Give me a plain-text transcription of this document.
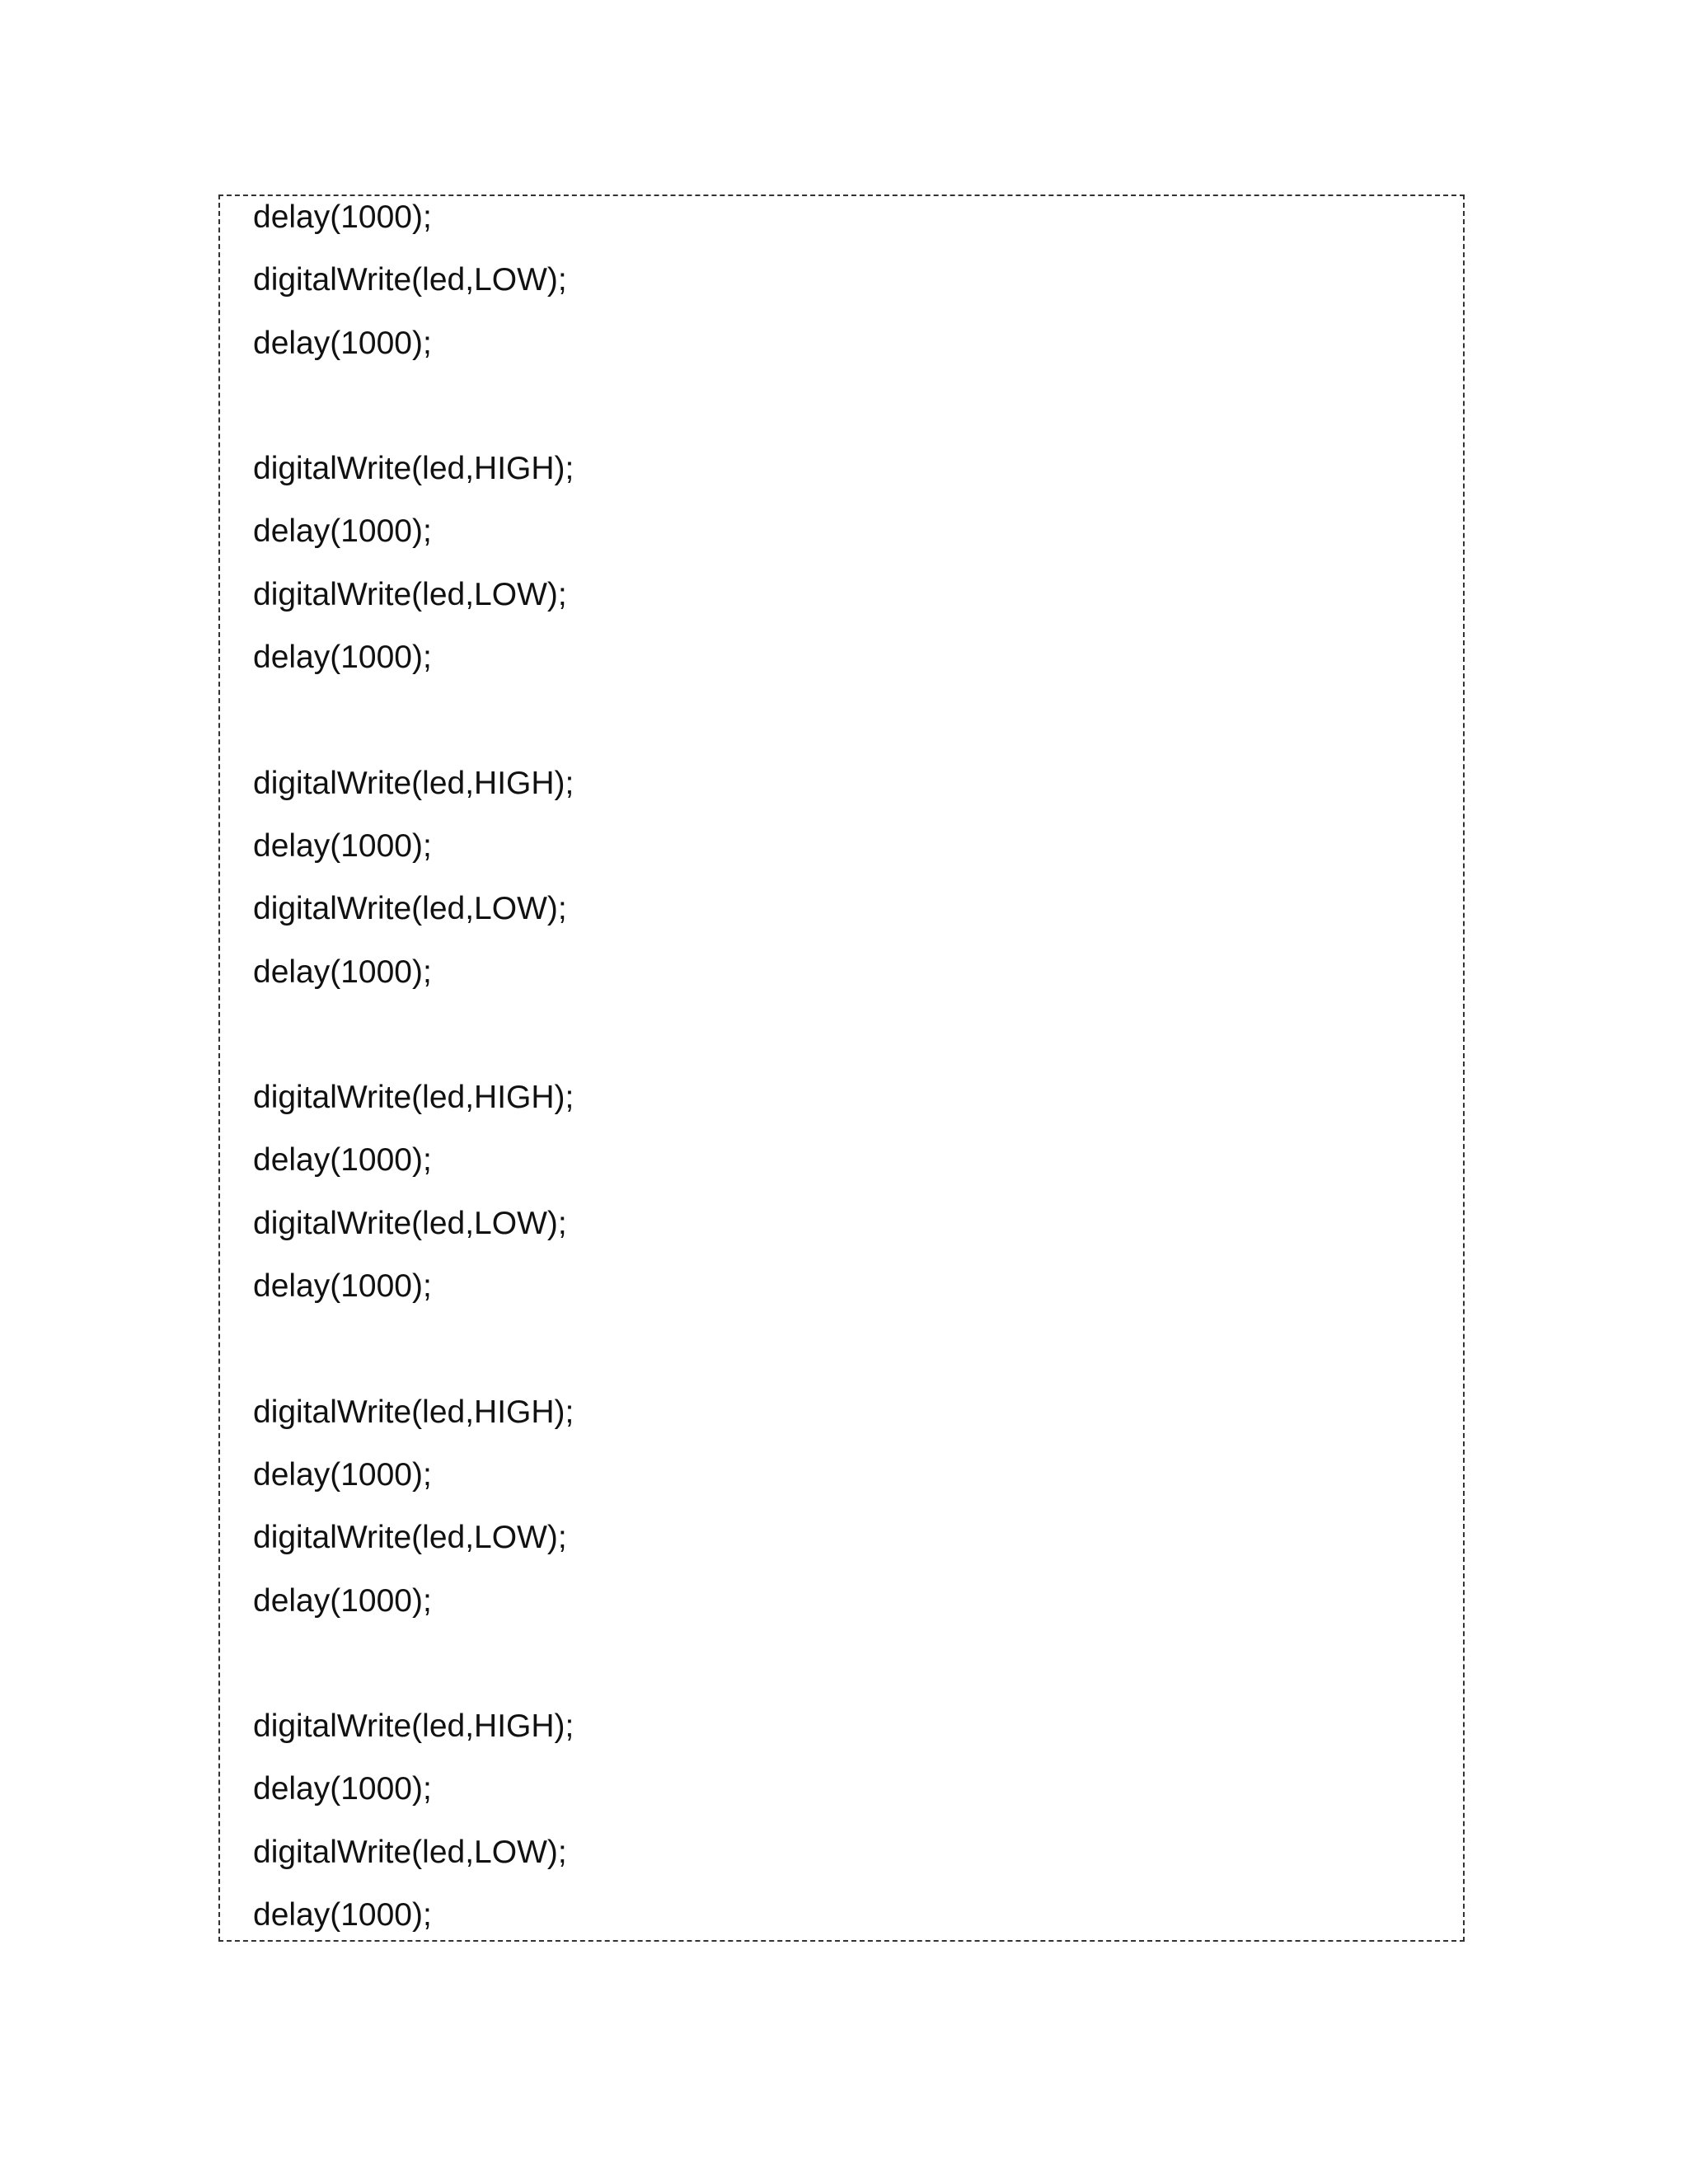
delay(1000);
digitalWrite(led,LOW);
delay(1000);
digitalWrite(led,HIGH);
delay(1000);
digitalWrite(led,LOW);
delay(1000);
digitalWrite(led,HIGH);
delay(1000);
digitalWrite(led,LOW);
delay(1000);
digitalWrite(led,HIGH);
delay(1000);
digitalWrite(led,LOW);
delay(1000);
digitalWrite(led,HIGH);
delay(1000);
digitalWrite(led,LOW);
delay(1000);
digitalWrite(led,HIGH);
delay(1000);
digitalWrite(led,LOW);
delay(1000);
